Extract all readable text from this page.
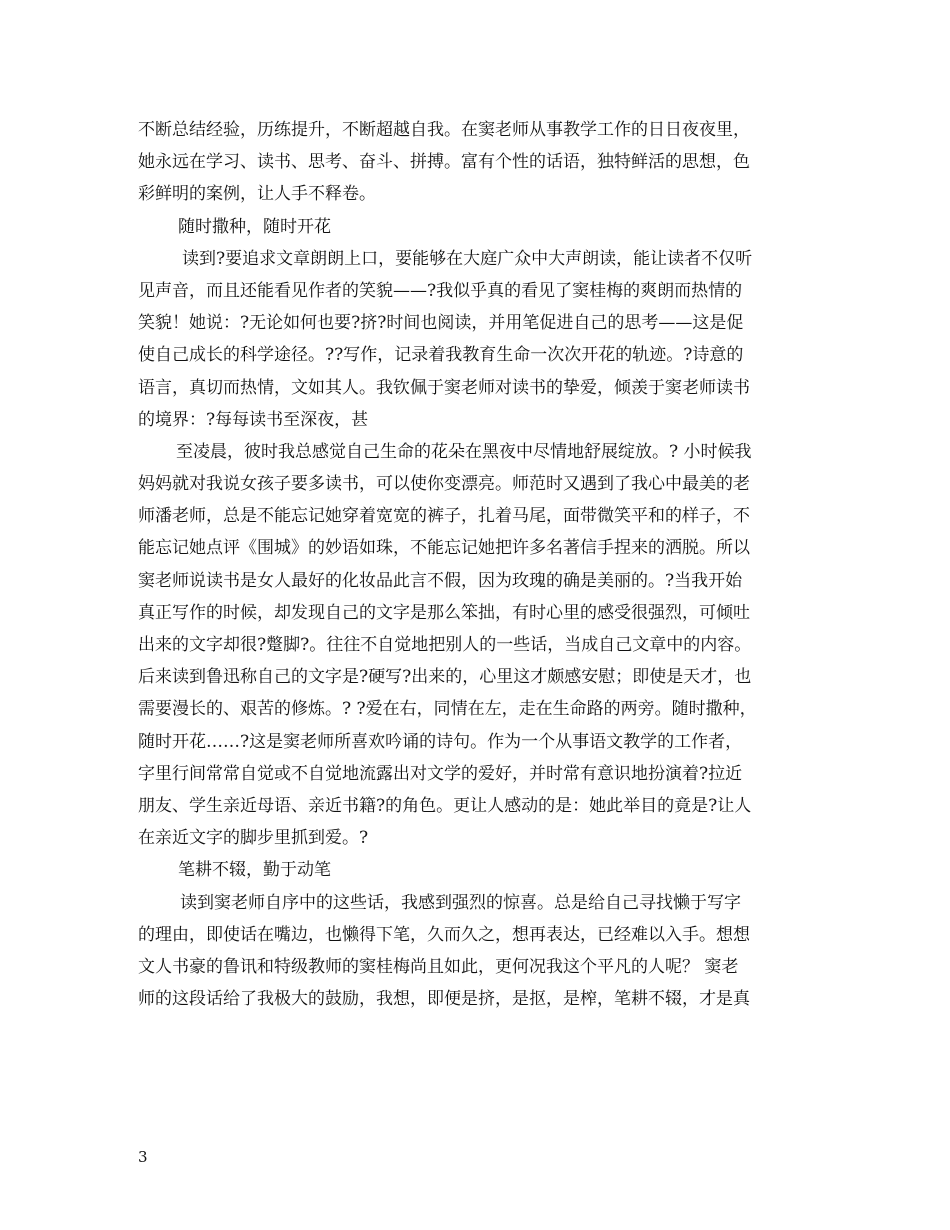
不断总结经验，历练提升，不断超越自我。在窦老师从事教学工作的日日夜夜里，
她永远在学习、读书、思考、奋斗、拼搏。富有个性的话语，独特鲜活的思想，色
彩鲜明的案例，让人手不释卷。
随时撒种，随时开花
读到?要追求文章朗朗上口，要能够在大庭广众中大声朗读，能让读者不仅听
见声音，而且还能看见作者的笑貌——?我似乎真的看见了窦桂梅的爽朗而热情的
笑貌！她说：?无论如何也要?挤?时间也阅读，并用笔促进自己的思考——这是促
使自己成长的科学途径。??写作，记录着我教育生命一次次开花的轨迹。?诗意的
语言，真切而热情，文如其人。我钦佩于窦老师对读书的挚爱，倾羡于窦老师读书
的境界：?每每读书至深夜，甚
至凌晨，彼时我总感觉自己生命的花朵在黑夜中尽情地舒展绽放。? 小时候我
妈妈就对我说女孩子要多读书，可以使你变漂亮。师范时又遇到了我心中最美的老
师潘老师，总是不能忘记她穿着宽宽的裤子，扎着马尾，面带微笑平和的样子，不
能忘记她点评《围城》的妙语如珠，不能忘记她把许多名著信手捏来的洒脱。所以
窦老师说读书是女人最好的化妆品此言不假，因为玫瑰的确是美丽的。?当我开始
真正写作的时候，却发现自己的文字是那么笨拙，有时心里的感受很强烈，可倾吐
出来的文字却很?蹩脚?。往往不自觉地把别人的一些话，当成自己文章中的内容。
后来读到鲁迅称自己的文字是?硬写?出来的，心里这才颇感安慰；即使是天才，也
需要漫长的、艰苦的修炼。? ?爱在右，同情在左，走在生命路的两旁。随时撒种，
随时开花……?这是窦老师所喜欢吟诵的诗句。作为一个从事语文教学的工作者，
字里行间常常自觉或不自觉地流露出对文学的爱好，并时常有意识地扮演着?拉近
朋友、学生亲近母语、亲近书籍?的角色。更让人感动的是：她此举目的竟是?让人
在亲近文字的脚步里抓到爱。?
笔耕不辍，勤于动笔
读到窦老师自序中的这些话，我感到强烈的惊喜。总是给自己寻找懒于写字
的理由，即使话在嘴边，也懒得下笔，久而久之，想再表达，已经难以入手。想想
文人书豪的鲁讯和特级教师的窦桂梅尚且如此，更何况我这个平凡的人呢？ 窦老
师的这段话给了我极大的鼓励，我想，即便是挤，是抠，是榨，笔耕不辍，才是真
3
